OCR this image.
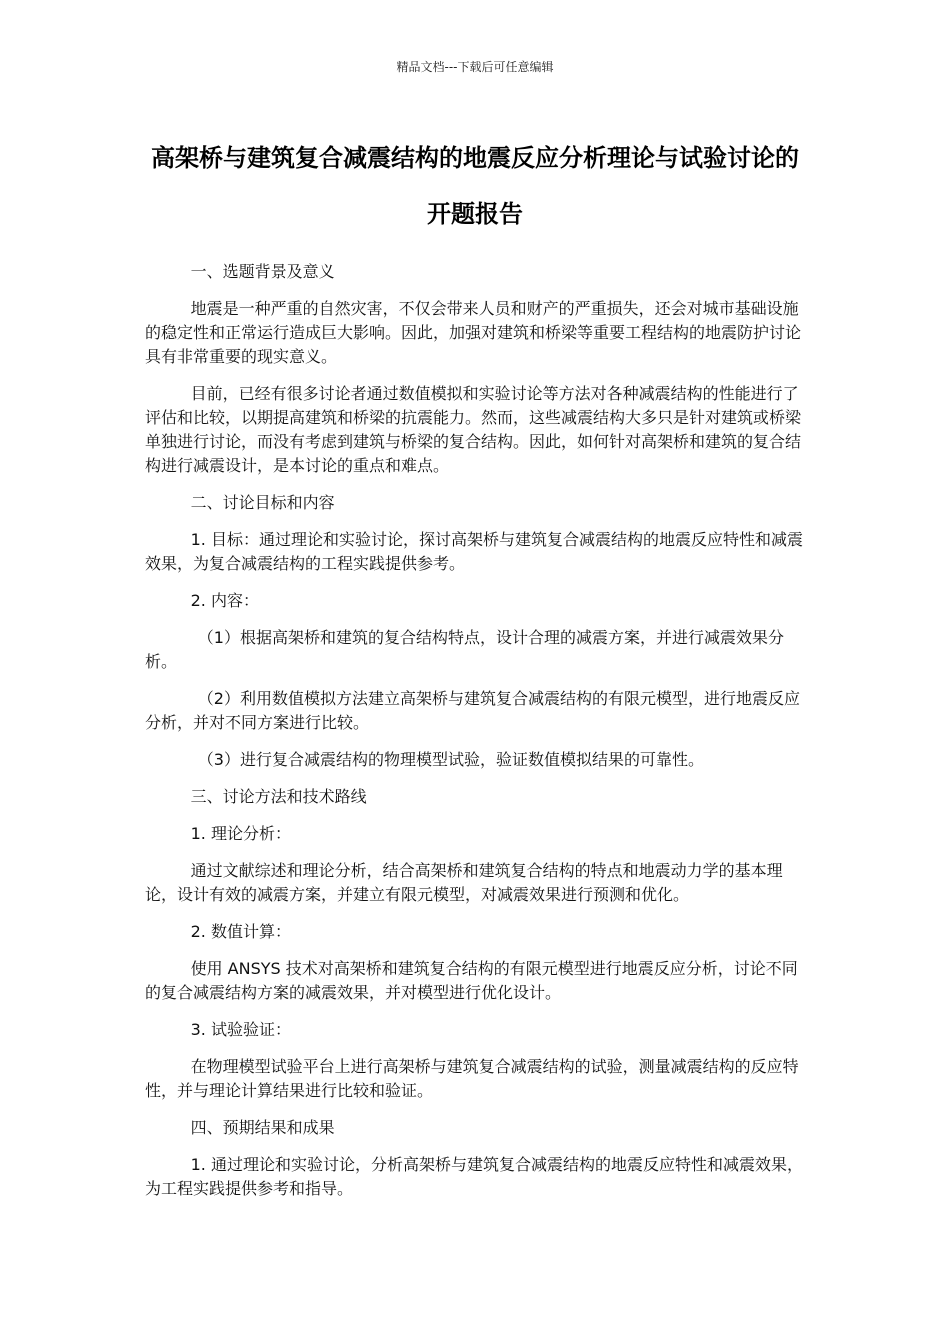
精品文档---下载后可任意编辑
高架桥与建筑复合减震结构的地震反应分析理论与试验讨论的开题报告

一、选题背景及意义

地震是一种严重的自然灾害，不仅会带来人员和财产的严重损失，还会对城市基础设施的稳定性和正常运行造成巨大影响。因此，加强对建筑和桥梁等重要工程结构的地震防护讨论具有非常重要的现实意义。

目前，已经有很多讨论者通过数值模拟和实验讨论等方法对各种减震结构的性能进行了评估和比较，以期提高建筑和桥梁的抗震能力。然而，这些减震结构大多只是针对建筑或桥梁单独进行讨论，而没有考虑到建筑与桥梁的复合结构。因此，如何针对高架桥和建筑的复合结构进行减震设计，是本讨论的重点和难点。

二、讨论目标和内容

1. 目标：通过理论和实验讨论，探讨高架桥与建筑复合减震结构的地震反应特性和减震效果，为复合减震结构的工程实践提供参考。

2. 内容：

（1）根据高架桥和建筑的复合结构特点，设计合理的减震方案，并进行减震效果分析。

（2）利用数值模拟方法建立高架桥与建筑复合减震结构的有限元模型，进行地震反应分析，并对不同方案进行比较。

（3）进行复合减震结构的物理模型试验，验证数值模拟结果的可靠性。

三、讨论方法和技术路线

1. 理论分析：

通过文献综述和理论分析，结合高架桥和建筑复合结构的特点和地震动力学的基本理论，设计有效的减震方案，并建立有限元模型，对减震效果进行预测和优化。

2. 数值计算：

使用 ANSYS 技术对高架桥和建筑复合结构的有限元模型进行地震反应分析，讨论不同的复合减震结构方案的减震效果，并对模型进行优化设计。

3. 试验验证：

在物理模型试验平台上进行高架桥与建筑复合减震结构的试验，测量减震结构的反应特性，并与理论计算结果进行比较和验证。

四、预期结果和成果

1. 通过理论和实验讨论，分析高架桥与建筑复合减震结构的地震反应特性和减震效果，为工程实践提供参考和指导。
